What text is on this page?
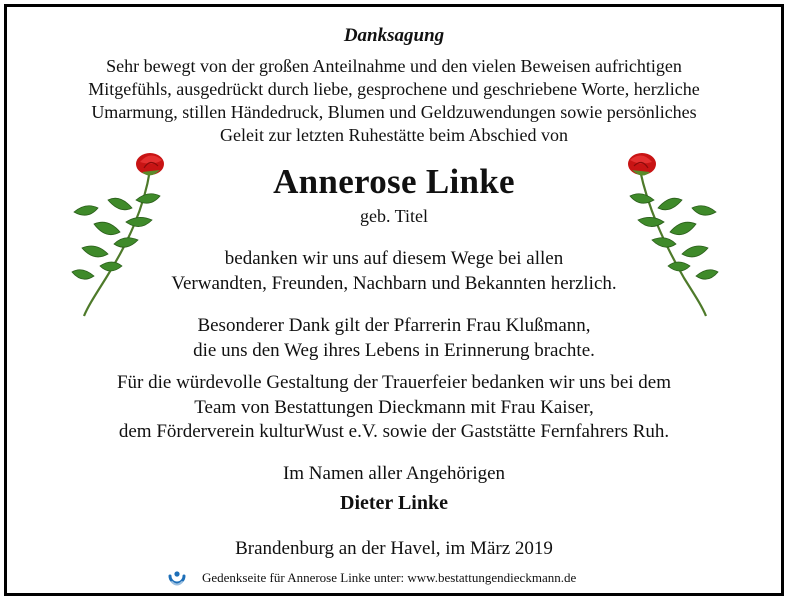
Danksagung
Sehr bewegt von der großen Anteilnahme und den vielen Beweisen aufrichtigen
Mitgefühls, ausgedrückt durch liebe, gesprochene und geschriebene Worte, herzliche
Umarmung, stillen Händedruck, Blumen und Geldzuwendungen sowie persönliches
Geleit zur letzten Ruhestätte beim Abschied von
Annerose Linke
geb. Titel
bedanken wir uns auf diesem Wege bei allen
Verwandten, Freunden, Nachbarn und Bekannten herzlich.
Besonderer Dank gilt der Pfarrerin Frau Klußmann,
die uns den Weg ihres Lebens in Erinnerung brachte.
Für die würdevolle Gestaltung der Trauerfeier bedanken wir uns bei dem
Team von Bestattungen Dieckmann mit Frau Kaiser,
dem Förderverein kulturWust e.V. sowie der Gaststätte Fernfahrers Ruh.
Im Namen aller Angehörigen
Dieter Linke
Brandenburg an der Havel, im März 2019
Gedenkseite für Annerose Linke unter: www.bestattungendieckmann.de
